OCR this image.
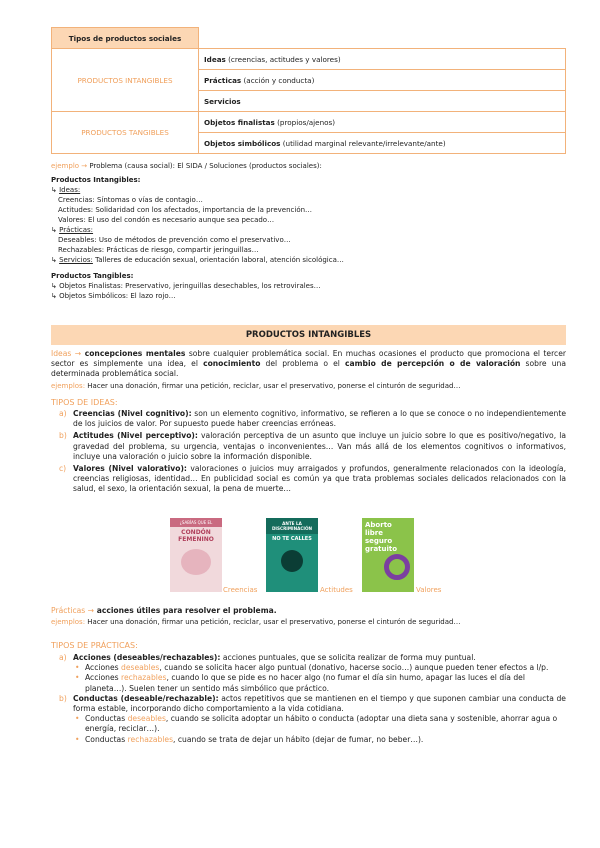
Tipos de productos sociales	
PRODUCTOS INTANGIBLES	Ideas (creencias, actitudes y valores)
	Prácticas (acción y conducta)
	Servicios
PRODUCTOS TANGIBLES	Objetos finalistas (propios/ajenos)
	Objetos simbólicos (utilidad marginal relevante/irrelevante/ante)
ejemplo → Problema (causa social): El SIDA / Soluciones (productos sociales):
Productos Intangibles:
↳ Ideas:
Creencias: Síntomas o vías de contagio…
Actitudes: Solidaridad con los afectados, importancia de la prevención…
Valores: El uso del condón es necesario aunque sea pecado…
↳ Prácticas:
Deseables: Uso de métodos de prevención como el preservativo…
Rechazables: Prácticas de riesgo, compartir jeringuillas…
↳ Servicios: Talleres de educación sexual, orientación laboral, atención sicológica…
Productos Tangibles:
↳ Objetos Finalistas: Preservativo, jeringuillas desechables, los retrovirales…
↳ Objetos Simbólicos: El lazo rojo…
PRODUCTOS INTANGIBLES
Ideas → concepciones mentales sobre cualquier problemática social. En muchas ocasiones el producto que promociona el tercer sector es simplemente una idea, el conocimiento del problema o el cambio de percepción o de valoración sobre una determinada problemática social.
ejemplos: Hacer una donación, firmar una petición, reciclar, usar el preservativo, ponerse el cinturón de seguridad…
TIPOS DE IDEAS:
a) Creencias (Nivel cognitivo): son un elemento cognitivo, informativo, se refieren a lo que se conoce o no independientemente de los juicios de valor. Por supuesto puede haber creencias erróneas.
b) Actitudes (Nivel perceptivo): valoración perceptiva de un asunto que incluye un juicio sobre lo que es positivo/negativo, la gravedad del problema, su urgencia, ventajas o inconvenientes… Van más allá de los elementos cognitivos o informativos, incluye una valoración o juicio sobre la información disponible.
c) Valores (Nivel valorativo): valoraciones o juicios muy arraigados y profundos, generalmente relacionados con la ideología, creencias religiosas, identidad… En publicidad social es común ya que trata problemas sociales delicados relacionados con la salud, el sexo, la orientación sexual, la pena de muerte…
¿SABÍAS QUE EL
CONDÓN FEMENINO
Creencias
ANTE LA DISCRIMINACIÓN
NO TE CALLES
Actitudes
Aborto libre seguro gratuito
Valores
Prácticas → acciones útiles para resolver el problema.
ejemplos: Hacer una donación, firmar una petición, reciclar, usar el preservativo, ponerse el cinturón de seguridad…
TIPOS DE PRÁCTICAS:
a) Acciones (deseables/rechazables): acciones puntuales, que se solicita realizar de forma muy puntual.
• Acciones deseables, cuando se solicita hacer algo puntual (donativo, hacerse socio…) aunque pueden tener efectos a l/p.
• Acciones rechazables, cuando lo que se pide es no hacer algo (no fumar el día sin humo, apagar las luces el día del planeta…). Suelen tener un sentido más simbólico que práctico.
b) Conductas (deseable/rechazable): actos repetitivos que se mantienen en el tiempo y que suponen cambiar una conducta de forma estable, incorporando dicho comportamiento a la vida cotidiana.
• Conductas deseables, cuando se solicita adoptar un hábito o conducta (adoptar una dieta sana y sostenible, ahorrar agua o energía, reciclar…).
• Conductas rechazables, cuando se trata de dejar un hábito (dejar de fumar, no beber…).
